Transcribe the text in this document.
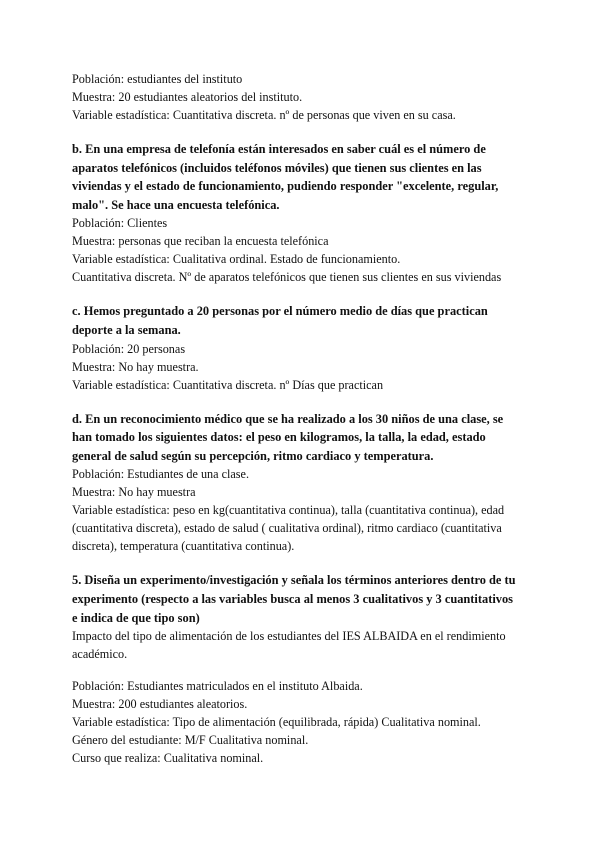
Población: estudiantes del instituto

Muestra: 20 estudiantes aleatorios del instituto.

Variable estadística: Cuantitativa discreta. nº de personas que viven en su casa.

b. En una empresa de telefonía están interesados en saber cuál es el número de aparatos telefónicos (incluidos teléfonos móviles) que tienen sus clientes en las viviendas y el estado de funcionamiento, pudiendo responder "excelente, regular, malo". Se hace una encuesta telefónica.

Población: Clientes

Muestra: personas que reciban la encuesta telefónica

Variable estadística: Cualitativa ordinal. Estado de funcionamiento.

Cuantitativa discreta. Nº de aparatos telefónicos que tienen sus clientes en sus viviendas

c. Hemos preguntado a 20 personas por el número medio de días que practican deporte a la semana.

Población: 20 personas

Muestra: No hay muestra.

Variable estadística: Cuantitativa discreta. nº Días que practican

d. En un reconocimiento médico que se ha realizado a los 30 niños de una clase, se han tomado los siguientes datos: el peso en kilogramos, la talla, la edad, estado general de salud según su percepción, ritmo cardiaco y temperatura.

Población: Estudiantes de una clase.

Muestra: No hay muestra

Variable estadística: peso en kg(cuantitativa continua), talla (cuantitativa continua), edad (cuantitativa discreta), estado de salud ( cualitativa ordinal), ritmo cardiaco (cuantitativa discreta), temperatura (cuantitativa continua).

5. Diseña un experimento/investigación y señala los términos anteriores dentro de tu experimento (respecto a las variables busca al menos 3 cualitativos y 3 cuantitativos e indica de que tipo son)

Impacto del tipo de alimentación de los estudiantes del IES ALBAIDA en el rendimiento académico.

Población: Estudiantes matriculados en el instituto Albaida.

Muestra: 200 estudiantes aleatorios.

Variable estadística: Tipo de alimentación (equilibrada, rápida) Cualitativa nominal.

Género del estudiante: M/F Cualitativa nominal.

Curso que realiza: Cualitativa nominal.
